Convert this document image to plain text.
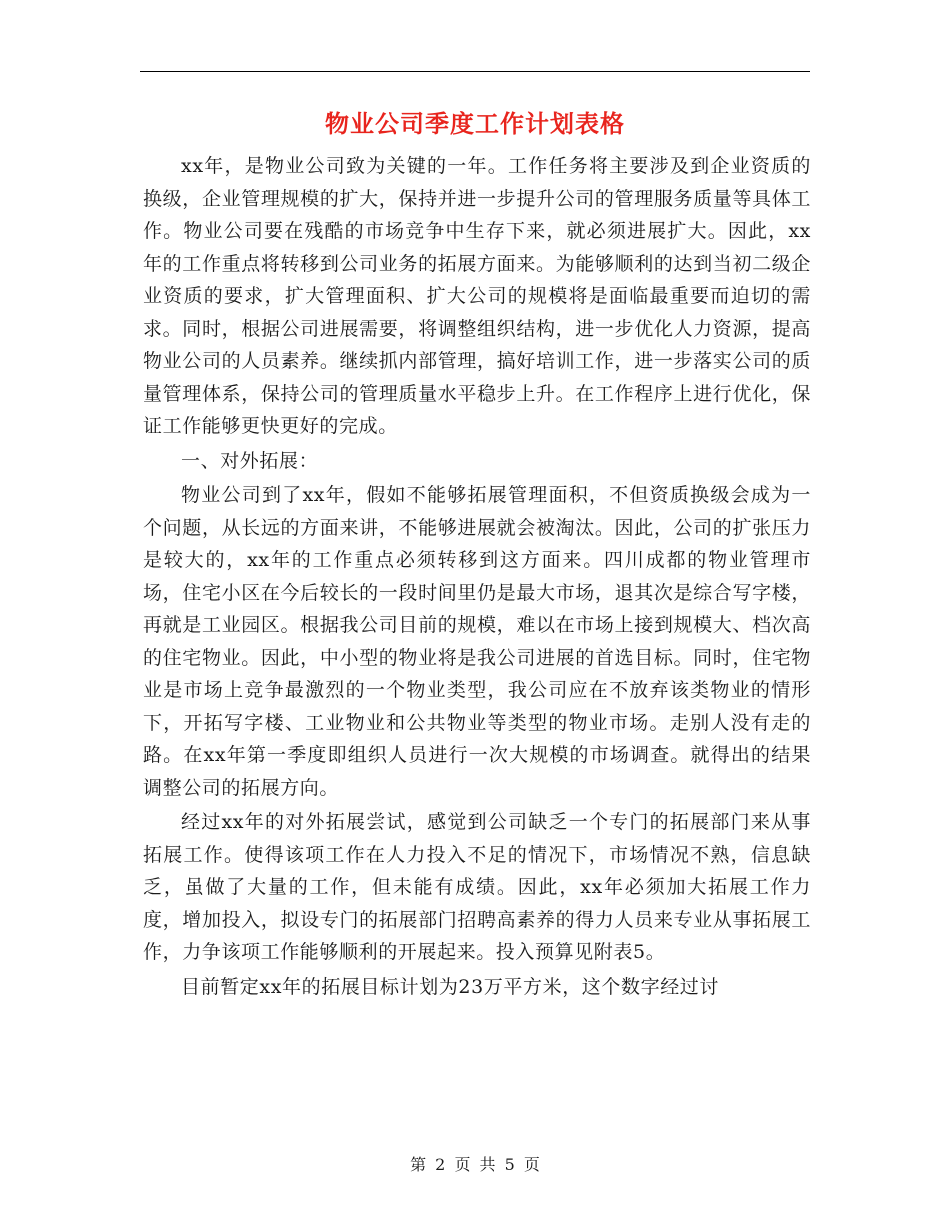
物业公司季度工作计划表格

xx年，是物业公司致为关键的一年。工作任务将主要涉及到企业资质的换级，企业管理规模的扩大，保持并进一步提升公司的管理服务质量等具体工作。物业公司要在残酷的市场竞争中生存下来，就必须进展扩大。因此，xx年的工作重点将转移到公司业务的拓展方面来。为能够顺利的达到当初二级企业资质的要求，扩大管理面积、扩大公司的规模将是面临最重要而迫切的需求。同时，根据公司进展需要，将调整组织结构，进一步优化人力资源，提高物业公司的人员素养。继续抓内部管理，搞好培训工作，进一步落实公司的质量管理体系，保持公司的管理质量水平稳步上升。在工作程序上进行优化，保证工作能够更快更好的完成。

一、对外拓展：

物业公司到了xx年，假如不能够拓展管理面积，不但资质换级会成为一个问题，从长远的方面来讲，不能够进展就会被淘汰。因此，公司的扩张压力是较大的，xx年的工作重点必须转移到这方面来。四川成都的物业管理市场，住宅小区在今后较长的一段时间里仍是最大市场，退其次是综合写字楼，再就是工业园区。根据我公司目前的规模，难以在市场上接到规模大、档次高的住宅物业。因此，中小型的物业将是我公司进展的首选目标。同时，住宅物业是市场上竞争最激烈的一个物业类型，我公司应在不放弃该类物业的情形下，开拓写字楼、工业物业和公共物业等类型的物业市场。走别人没有走的路。在xx年第一季度即组织人员进行一次大规模的市场调查。就得出的结果调整公司的拓展方向。

经过xx年的对外拓展尝试，感觉到公司缺乏一个专门的拓展部门来从事拓展工作。使得该项工作在人力投入不足的情况下，市场情况不熟，信息缺乏，虽做了大量的工作，但未能有成绩。因此，xx年必须加大拓展工作力度，增加投入，拟设专门的拓展部门招聘高素养的得力人员来专业从事拓展工作，力争该项工作能够顺利的开展起来。投入预算见附表5。

目前暂定xx年的拓展目标计划为23万平方米，这个数字经过讨

第 2 页 共 5 页
